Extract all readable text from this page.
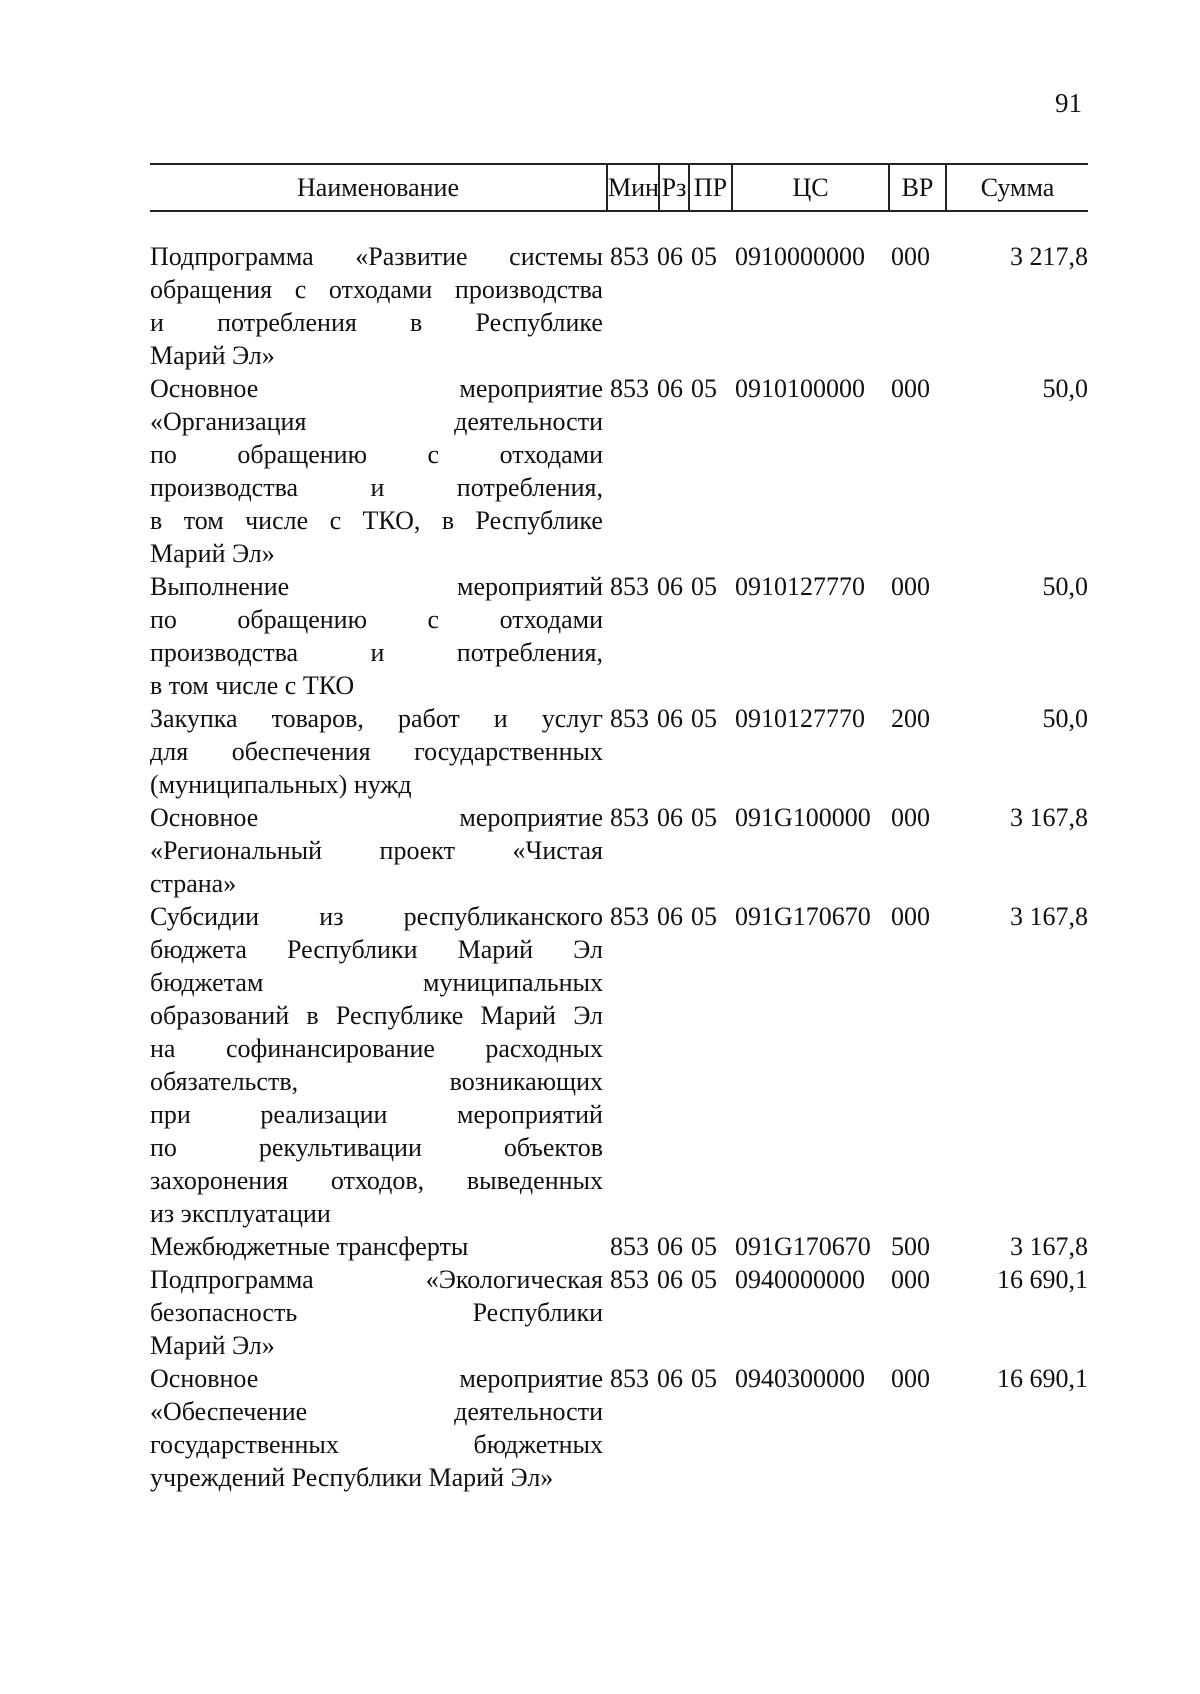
91
Наименование	Мин Рз ПР	ЦС	ВР	Сумма
Подпрограмма «Развитие системы
обращения с отходами производства
и потребления в Республике
Марий Эл»
853 06 05 0910000000 000	3 217,8
Основное	мероприятие
«Организация	деятельности
по обращению с отходами
производства	и	потребления,
в том числе с ТКО, в Республике
Марий Эл»
853 06 05 0910100000 000	50,0
Выполнение	мероприятий
по обращению с отходами
производства	и	потребления,
в том числе с ТКО
853 06 05 0910127770 000	50,0
Закупка товаров, работ и услуг
для обеспечения государственных
(муниципальных) нужд
853 06 05 0910127770 200	50,0
Основное	мероприятие
«Региональный проект «Чистая
страна»
853 06 05 091G100000 000	3 167,8
Субсидии из республиканского
бюджета Республики Марий Эл
бюджетам	муниципальных
образований в Республике Марий Эл
на софинансирование расходных
обязательств,	возникающих
при	реализации	мероприятий
по	рекультивации	объектов
захоронения отходов, выведенных
из эксплуатации
853 06 05 091G170670 000	3 167,8
Межбюджетные трансферты	853 06 05 091G170670 500	3 167,8
Подпрограмма	«Экологическая
безопасность	Республики
Марий Эл»
853 06 05 0940000000 000	16 690,1
Основное	мероприятие
«Обеспечение	деятельности
государственных	бюджетных
учреждений Республики Марий Эл»
853 06 05 0940300000 000	16 690,1
